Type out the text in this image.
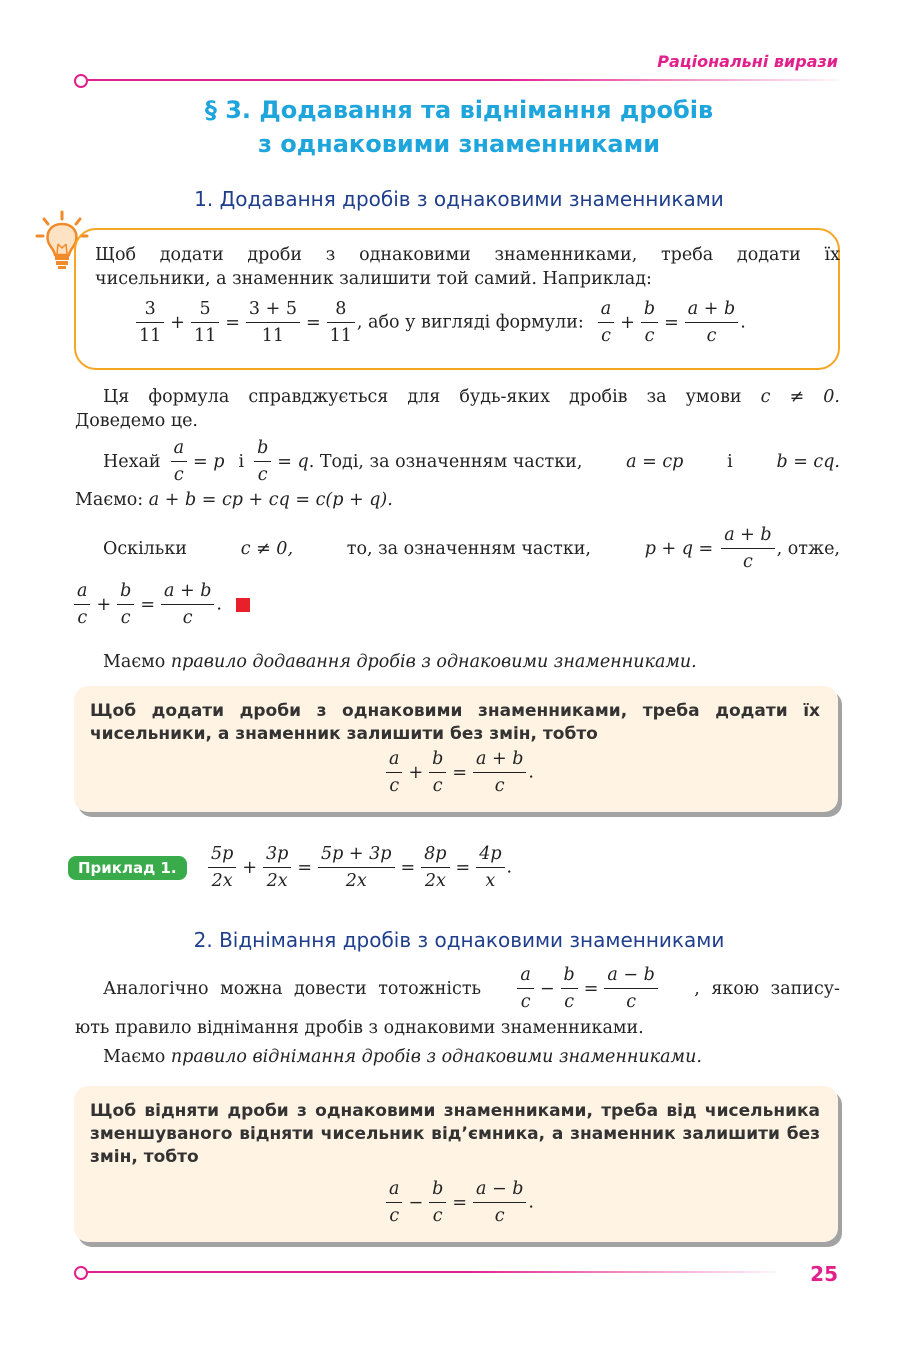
Раціональні вирази
§ 3. Додавання та віднімання дробів
з однаковими знаменниками
1. Додавання дробів з однаковими знаменниками
Щоб додати дроби з однаковими знаменниками, треба додати їх
чисельники, а знаменник залишити той самий. Наприклад:
$\frac{3}{11} + \frac{5}{11} = \frac{3 + 5}{11} = \frac{8}{11}$ , або у вигляді формули: $\frac{a}{c} + \frac{b}{c} = \frac{a + b}{c}$ .
Ця формула справджується для будь-яких дробів за умови c ≠ 0.
Доведемо це.
Нехай $\frac{a}{c} = p$ і $\frac{b}{c} = q$ . Тоді, за означенням частки, a = cp і b = cq.
Маємо: a + b = cp + cq = c(p + q).
Оскільки	c ≠ 0,	то, за означенням частки,	$p + q = \frac{a + b}{c}$ , отже,
$\frac{a}{c} + \frac{b}{c} = \frac{a + b}{c}$ .
Маємо правило додавання дробів з однаковими знаменниками.
Щоб додати дроби з однаковими знаменниками, треба додати їх чисельники, а знаменник залишити без змін, тобто
$\frac{a}{c} + \frac{b}{c} = \frac{a + b}{c}$ .
Приклад 1.	$\frac{5p}{2x} + \frac{3p}{2x} = \frac{5p + 3p}{2x} = \frac{8p}{2x} = \frac{4p}{x}$ .
2. Віднімання дробів з однаковими знаменниками
Аналогічно можна довести тотожність $\frac{a}{c} - \frac{b}{c} = \frac{a - b}{c}$ , якою запису-
ють правило віднімання дробів з однаковими знаменниками.
Маємо правило віднімання дробів з однаковими знаменниками.
Щоб відняти дроби з однаковими знаменниками, треба від чисельника зменшуваного відняти чисельник від’ємника, а знаменник залишити без змін, тобто
$\frac{a}{c} - \frac{b}{c} = \frac{a - b}{c}$ .
25
